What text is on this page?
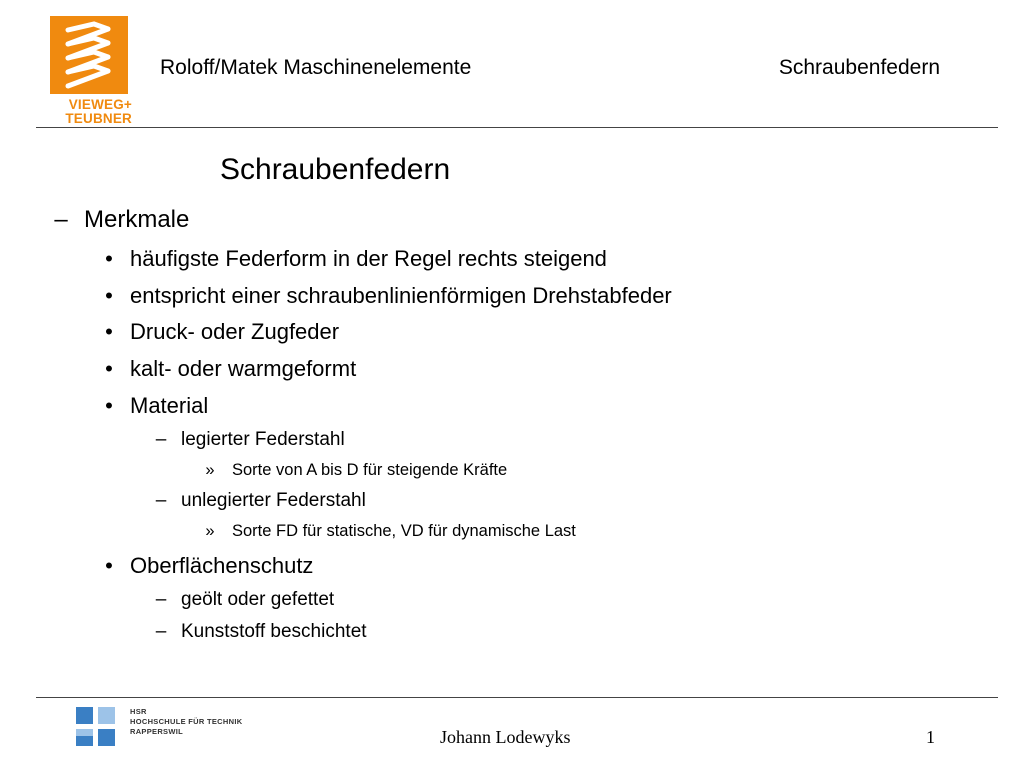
VIEWEG+
TEUBNER
Roloff/Matek Maschinenelemente	Schraubenfedern
Schraubenfedern
– Merkmale
• häufigste Federform in der Regel rechts steigend
• entspricht einer schraubenlinienförmigen Drehstabfeder
• Druck- oder Zugfeder
• kalt- oder warmgeformt
• Material
– legierter Federstahl
» Sorte von A bis D für steigende Kräfte
– unlegierter Federstahl
» Sorte FD für statische, VD für dynamische Last
• Oberflächenschutz
– geölt oder gefettet
– Kunststoff beschichtet
HSR
HOCHSCHULE FÜR TECHNIK
RAPPERSWIL	Johann Lodewyks	1
